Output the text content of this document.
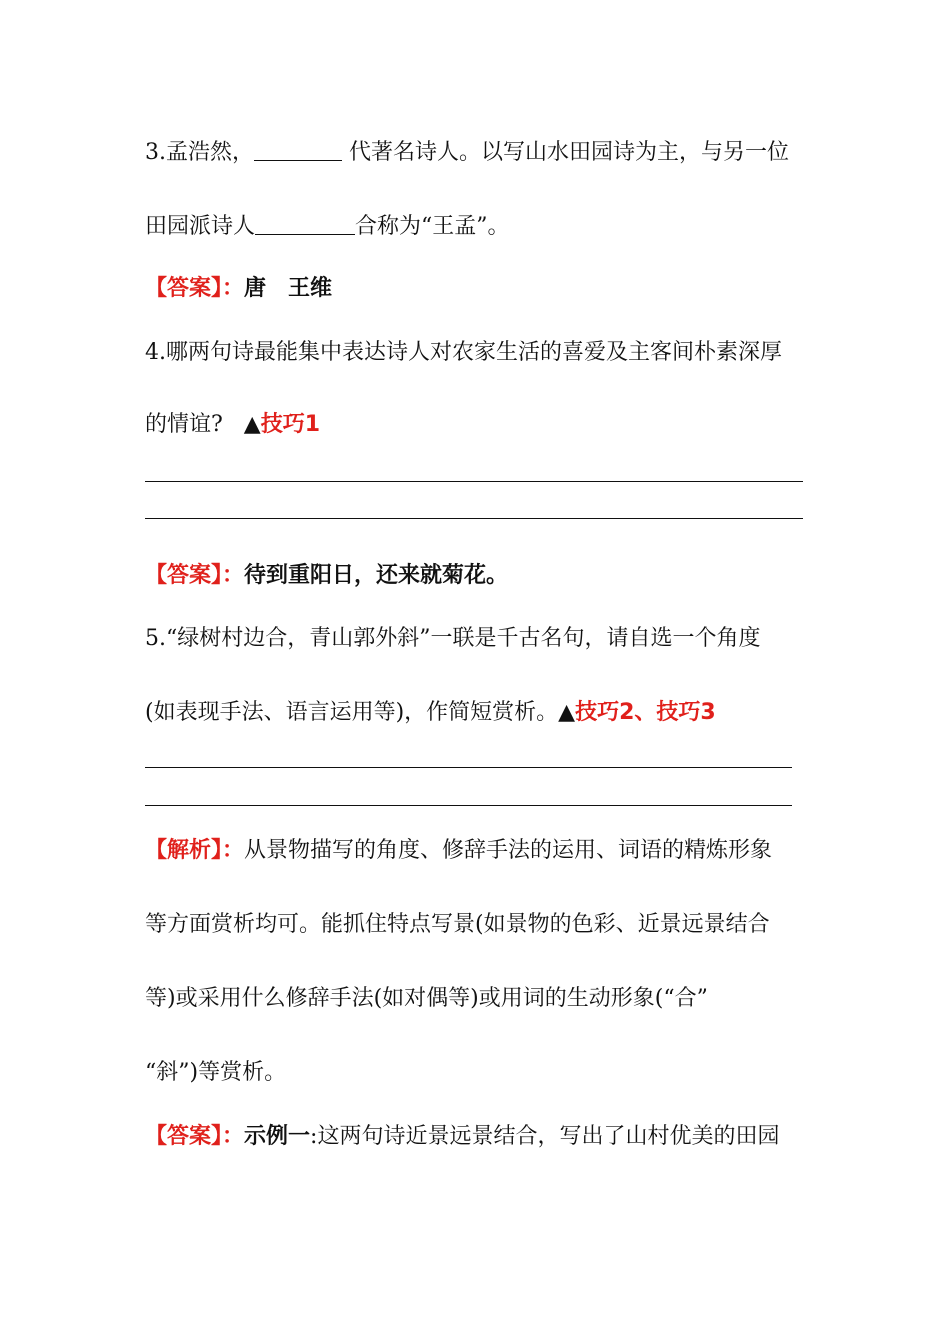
3.孟浩然，	代著名诗人。以写山水田园诗为主，与另一位
田园派诗人	合称为“王孟”。
【答案】：唐　王维
4.哪两句诗最能集中表达诗人对农家生活的喜爱及主客间朴素深厚
的情谊? ▲技巧1
【答案】：待到重阳日，还来就菊花。
5.“绿树村边合，青山郭外斜”一联是千古名句，请自选一个角度
(如表现手法、语言运用等)，作简短赏析。▲技巧2、技巧3
【解析】：从景物描写的角度、修辞手法的运用、词语的精炼形象
等方面赏析均可。能抓住特点写景(如景物的色彩、近景远景结合
等)或采用什么修辞手法(如对偶等)或用词的生动形象(“合”
“斜”)等赏析。
【答案】：示例一:这两句诗近景远景结合，写出了山村优美的田园
